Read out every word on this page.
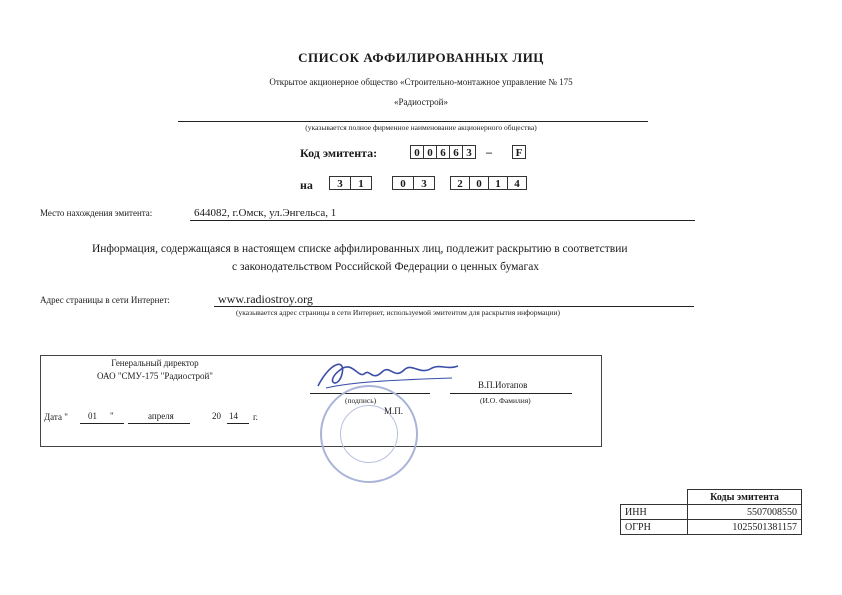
СПИСОК АФФИЛИРОВАННЫХ ЛИЦ
Открытое акционерное общество «Строительно-монтажное управление № 175
«Радиострой»
(указывается полное фирменное наименование акционерного общества)
Код эмитента:	0 0 6 6 3	–	F
на	3	1	0	3	2	0	1	4
Место нахождения эмитента:	644082, г.Омск, ул.Энгельса, 1
Информация, содержащаяся в настоящем списке аффилированных лиц, подлежит раскрытию в соответствии
с законодательством Российской Федерации о ценных бумагах
Адрес страницы в сети Интернет:	www.radiostroy.org
(указывается адрес страницы в сети Интернет, используемой эмитентом для раскрытия информации)
Генеральный директор
ОАО "СМУ-175 "Радиострой"
(подпись)
В.П.Иотапов
(И.О. Фамилия)
Дата " 01 "	апреля	20 14 г.
М.П.
	Коды эмитента
ИНН	5507008550
ОГРН	1025501381157
